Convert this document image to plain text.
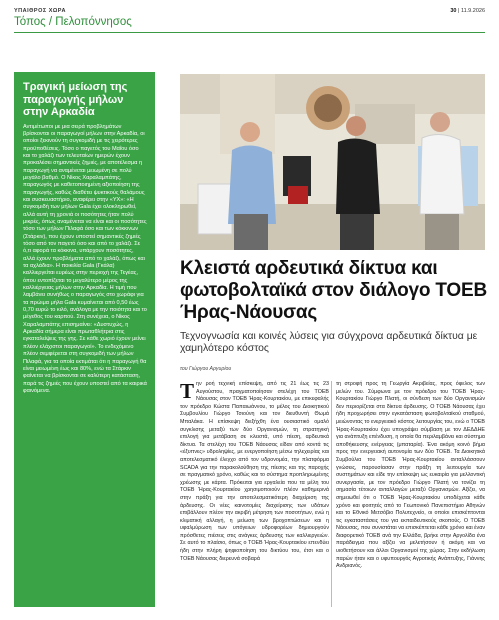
ΥΠΑΙΘΡΟΣ ΧΩΡΑ	30 | 11.9.2026
Τόπος / Πελοπόννησος
Τραγική μείωση της παραγωγής μήλων στην Αρκαδία

Αντιμέτωποι με μια σειρά προβλημάτων βρίσκονται οι παραγωγοί μήλων στην Αρκαδία, οι οποίοι ξεκινούν τη συγκομιδή με τις χειρότερες προϋποθέσεις. Τόσο ο παγετός του Μαΐου όσο και το χαλάζι των τελευταίων ημερών έχουν προκαλέσει σημαντικές ζημιές, με αποτέλεσμα η παραγωγή να αναμένεται μειωμένη σε πολύ μεγάλο βαθμό. Ο Νίκος Χαραλαμπάτης, παραγωγός με καθετοποιημένη αξιοποίηση της παραγωγής, καθώς διαθέτει ψυκτικούς θαλάμους και συσκευαστήριο, αναφέρει στην «ΥΧ»: «Η συγκομιδή των μήλων Gala έχει ολοκληρωθεί, αλλά αυτή τη χρονιά οι ποσότητες ήταν πολύ μικρές, όπως αναμένεται να είναι και οι ποσότητες τόσο των μήλων Πιλαφά όσο και των κόκκινων (Στάρκιν), που έχουν υποστεί σημαντικές ζημιές τόσο από τον παγετό όσο και από το χαλάζι. Σε ό,τι αφορά τα κόκκινα, υπάρχουν ποσότητες, αλλά έχουν προβλήματα από το χαλάζι, όπως και τα αχλάδια». Η ποικιλία Gala (Γκάλα) καλλιεργείται ευρέως στην περιοχή της Τεγέας, όπου εντοπίζεται το μεγαλύτερο μέρος της καλλιέργειας μήλων στην Αρκαδία. Η τιμή που λαμβάνει συνήθως ο παραγωγός στο χωράφι για τα πρώιμα μήλα Gala κυμαίνεται από 0,50 έως 0,70 ευρώ το κιλό, ανάλογα με την ποιότητα και το μέγεθος του καρπού. Στη συνέχεια, ο Νίκος Χαραλαμπάτης επισημαίνει: «Δυστυχώς, η Αρκαδία σήμερα είναι πρωταθλήτρια στις εγκαταλείψεις της γης. Σε κάθε χωριό έχουν μείνει πλέον ελάχιστοι παραγωγοί». Το ενδεχόμενο πλέον σεμφέρεται στη συγκομιδή των μήλων Πιλαφά, για τα οποία εκτιμάται ότι η παραγωγή θα είναι μειωμένη έως και 80%, ενώ τα Στάρκιν φαίνεται να βρίσκονται σε καλύτερη κατάσταση, παρά τις ζημιές που έχουν υποστεί από τα καιρικά φαινόμενα.

Κλειστά αρδευτικά δίκτυα και φωτοβολταϊκά στον διάλογο ΤΟΕΒ Ήρας-Νάουσας
Τεχνογνωσία και κοινές λύσεις για σύγχρονα αρδευτικά δίκτυα με χαμηλότερο κόστος
του Γιώργου Αργυρίου
Τ ην ροή τεχνική επίσκεψη, από τις 21 έως τις 23 Αυγούστου, πραγματοποίησαν στελέχη του ΤΟΕΒ Νάουσας στον ΤΟΕΒ Ήρας-Κουρτακίου, με επικεφαλής τον πρόεδρο Κώστα Παπαιωάννου, το μέλος του Διοικητικού Συμβουλίου Γιώργο Τσιούνη και τον διευθυντή Θωμά Μπαλάκα. Η επίσκεψη διεξήχθη ένα ουσιαστικό ομαλό συγκλισης μεταξύ των δύο Οργανισμών, τη στρατηγική επιλογή για μετάβαση σε κλειστά, υπό πίεση, αρδευτικά δίκτυα. Τα στελέχη του ΤΟΕΒ Νάουσας είδαν από κοντά τις «έξυπνες» υδροληψίες, με ενεργοποίηση μέσω τηλεχειρίας και αποτελεσματικό έλεγχο από τον υδρονομέα, την πλατφόρμα SCADA για την παρακολούθηση της πίεσης και της παροχής σε πραγματικό χρόνο, καθώς και το σύστημα προπληρωμένης χρέωσης με κάρτα. Πρόκειται για εργαλεία που τα μέλη του ΤΟΕΒ Ήρας-Κουρτακίου χρησιμοποιούν πλέον καθημερινά στην πράξη για την αποτελεσματικότερη διαχείριση της άρδευσης. Οι νέες καινοτομίες διαχείρισης των υδάτων επιβάλλουν πλέον την ακριβή μέτρηση των ποσοτήτων, ενώ η κλιματική αλλαγή, η μείωση των βροχοπτώσεων και η υφαλμύρωση των υπόγειων υδροφορέων δημιουργούν πρόσθετες πιέσεις στις ανάγκες άρδευσης των καλλιεργειών. Σε αυτό το πλαίσιο, όπως ο ΤΟΕΒ Ήρας-Κουρτακίου επενδύει ήδη στην πλήρη ψηφιοποίηση του δικτύου του, έτσι και ο ΤΟΕΒ Νάουσας διερευνά σοβαρά

τη στροφή προς τη Γεωργία Ακριβείας, προς όφελος των μελών του. Σύμφωνα με τον πρόεδρο του ΤΟΕΒ Ήρας-Κουρτακίου Γιώργο Πλατή, οι σύνδεση των δύο Οργανισμών δεν περιορίζεται στα δίκτυα άρδευσης. Ο ΤΟΕΒ Νάουσας έχει ήδη προχωρήσει στην εγκατάσταση φωτοβολταϊκού σταθμού, μειώνοντας το ενεργειακό κόστος λειτουργίας του, ενώ ο ΤΟΕΒ Ήρας-Κουρτακίου έχει υπογράψει σύμβαση με τον ΔΕΔΔΗΕ για ανάπτυξη επένδυση, η οποία θα περιλαμβάνει και σύστημα αποθήκευσης ενέργειας (μπαταρία). Ένα ακόμη κοινό βήμα προς την ενεργειακή αυτονομία των δύο ΤΟΕΒ. Τα Διοικητικά Συμβούλια του ΤΟΕΒ Ήρας-Κουρτακίου ανταλλάσσουν γνώσεις, παρουσίασαν στην πράξη τη λειτουργία των συστημάτων και είδε την επίσκεψη ως ευκαιρία για μελλοντική συνεργασία, με τον πρόεδρο Γιώργο Πλατή να τονίζει τη σημασία τέτοιων ανταλλαγών μεταξύ Οργανισμών. Αξίζει, να σημειωθεί ότι ο ΤΟΕΒ Ήρας-Κουρτακίου υποδέχεται κάθε χρόνο και φοιτητές από το Γεωπονικό Πανεπιστήμιο Αθηνών και το Εθνικό Μετσόβιο Πολυτεχνείο, οι οποίοι επισκέπτονται τις εγκαταστάσεις του για εκπαιδευτικούς σκοπούς. Ο ΤΟΕΒ Νάουσας, που συνιστάται να επισκέπτεται κάθε χρόνο και έναν διαφορετικό ΤΟΕΒ ανά την Ελλάδα, βρήκε στην Αργολίδα ένα παράδειγμα που αξίζει να μελετήσουν ή ακόμη και να υιοθετήσουν και άλλοι Οργανισμοί της χώρας. Στην εκδήλωση παρών ήταν και ο υφυπουργός Αγροτικής Ανάπτυξης, Γιάννης Ανδριανός.
